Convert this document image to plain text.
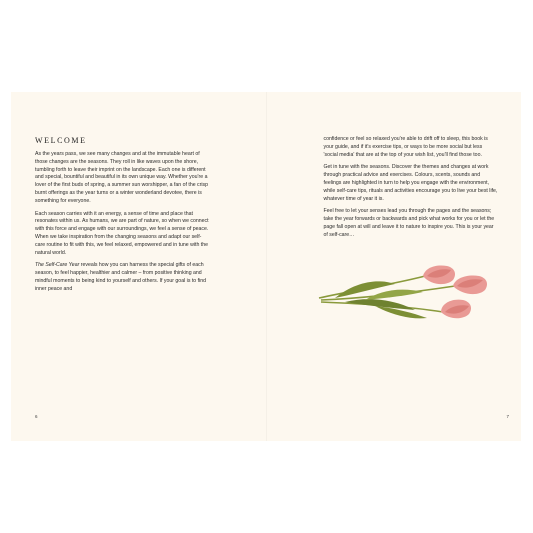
WELCOME

As the years pass, we see many changes and at the immutable heart of those changes are the seasons. They roll in like waves upon the shore, tumbling forth to leave their imprint on the landscape. Each one is different and special, bountiful and beautiful in its own unique way. Whether you're a lover of the first buds of spring, a summer sun worshipper, a fan of the crisp burnt offerings as the year turns or a winter wonderland devotee, there is something for everyone.

Each season carries with it an energy, a sense of time and place that resonates within us. As humans, we are part of nature, so when we connect with this force and engage with our surroundings, we feel a sense of peace. When we take inspiration from the changing seasons and adapt our self-care routine to fit with this, we feel relaxed, empowered and in tune with the natural world.

The Self-Care Year reveals how you can harness the special gifts of each season, to feel happier, healthier and calmer – from positive thinking and mindful moments to being kind to yourself and others. If your goal is to find inner peace and

6

confidence or feel so relaxed you're able to drift off to sleep, this book is your guide, and if it's exercise tips, or ways to be more social but less 'social media' that are at the top of your wish list, you'll find those too.

Get in tune with the seasons. Discover the themes and changes at work through practical advice and exercises. Colours, scents, sounds and feelings are highlighted in turn to help you engage with the environment, while self-care tips, rituals and activities encourage you to live your best life, whatever time of year it is.

Feel free to let your senses lead you through the pages and the seasons; take the year forwards or backwards and pick what works for you or let the page fall open at will and leave it to nature to inspire you. This is your year of self-care…

7
